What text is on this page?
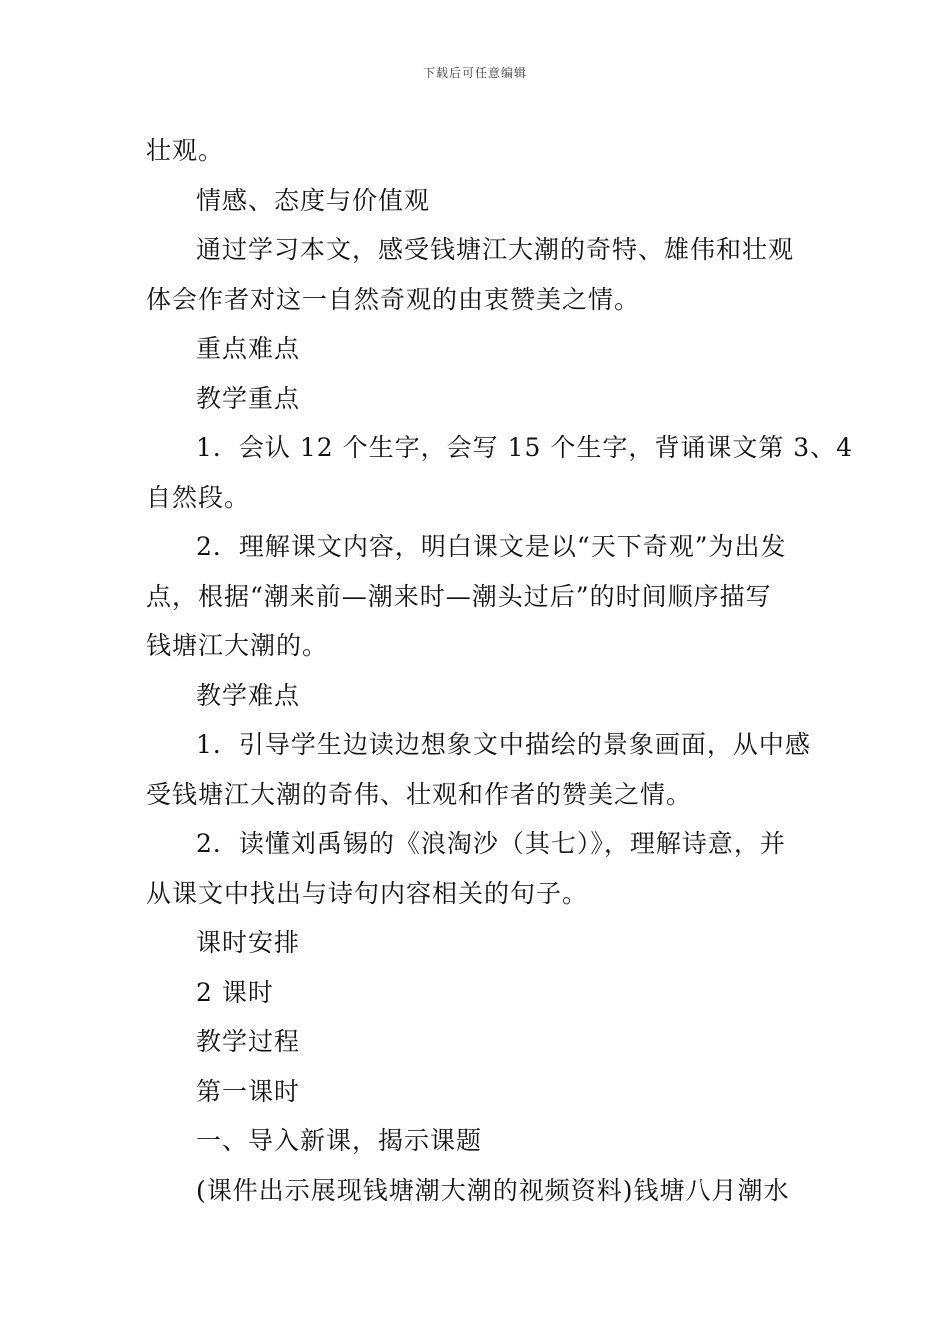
下载后可任意编辑
壮观。
情感、态度与价值观
通过学习本文，感受钱塘江大潮的奇特、雄伟和壮观
体会作者对这一自然奇观的由衷赞美之情。
重点难点
教学重点
1．会认 12 个生字，会写 15 个生字，背诵课文第 3、4
自然段。
2．理解课文内容，明白课文是以“天下奇观”为出发
点，根据“潮来前—潮来时—潮头过后”的时间顺序描写
钱塘江大潮的。
教学难点
1．引导学生边读边想象文中描绘的景象画面，从中感
受钱塘江大潮的奇伟、壮观和作者的赞美之情。
2．读懂刘禹锡的《浪淘沙（其七）》，理解诗意，并
从课文中找出与诗句内容相关的句子。
课时安排
2 课时
教学过程
第一课时
一、导入新课，揭示课题
(课件出示展现钱塘潮大潮的视频资料)钱塘八月潮水
